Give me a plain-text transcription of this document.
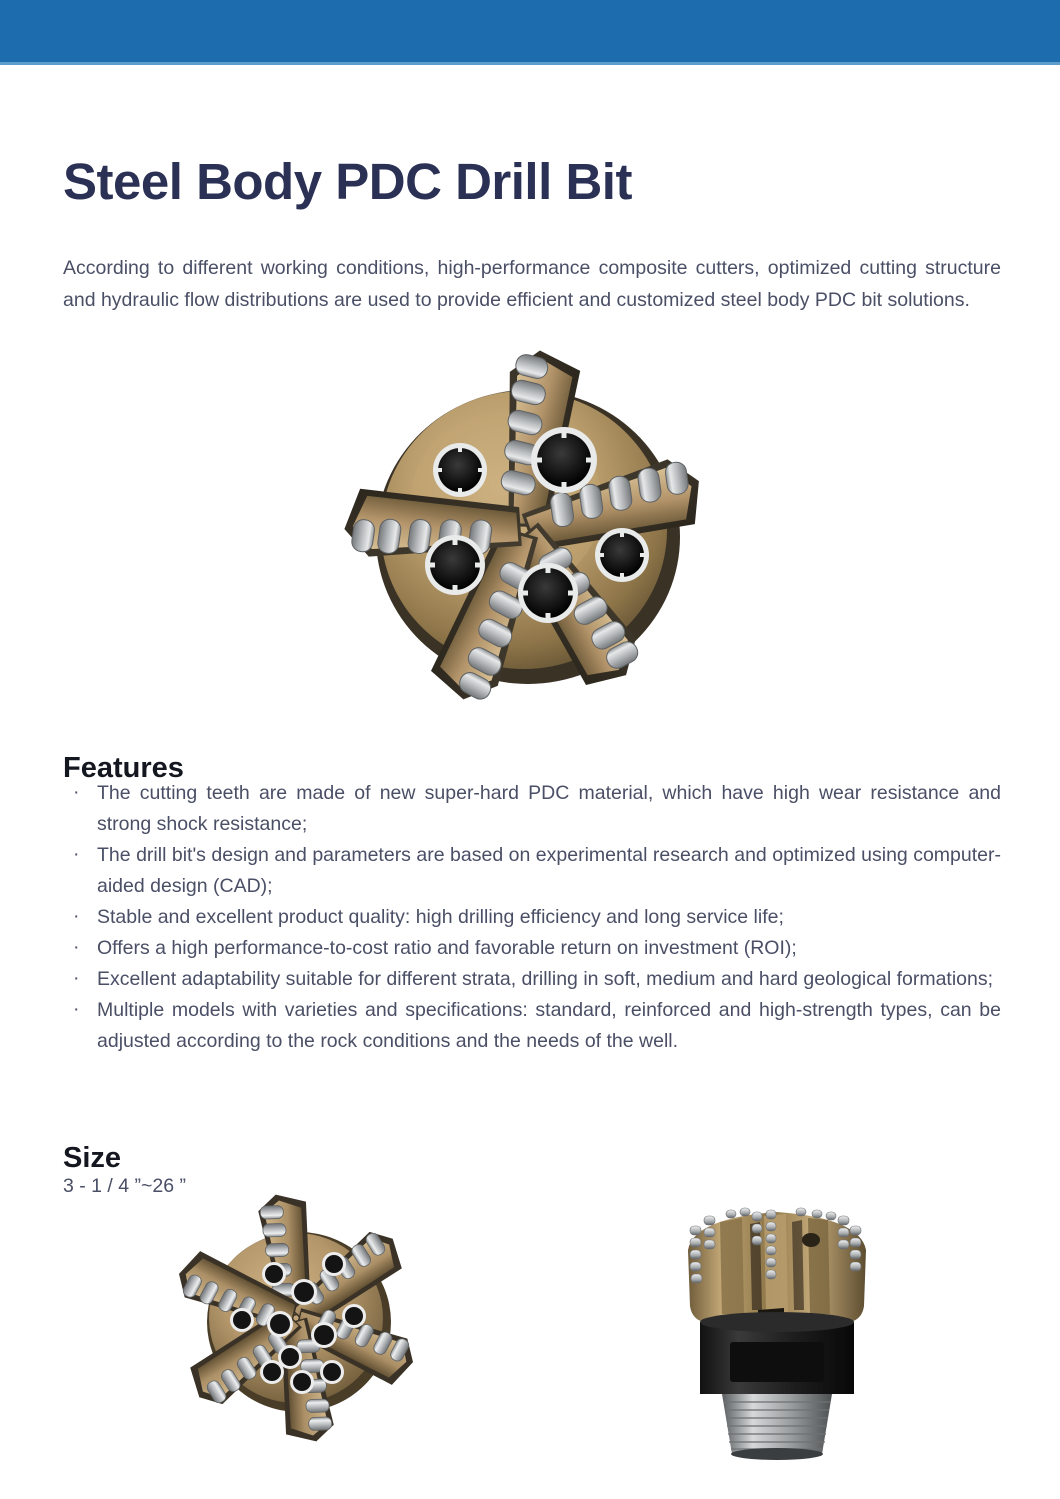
Steel Body PDC Drill Bit

According to different working conditions, high-performance composite cutters, optimized cutting structure and hydraulic flow distributions are used to provide efficient and customized steel body PDC bit solutions.

Features
· The cutting teeth are made of new super-hard PDC material, which have high wear resistance and strong shock resistance;
· The drill bit's design and parameters are based on experimental research and optimized using computer-aided design (CAD);
· Stable and excellent product quality: high drilling efficiency and long service life;
· Offers a high performance-to-cost ratio and favorable return on investment (ROI);
· Excellent adaptability suitable for different strata, drilling in soft, medium and hard geological formations;
· Multiple models with varieties and specifications: standard, reinforced and high-strength types, can be adjusted according to the rock conditions and the needs of the well.
Size
3 - 1 / 4 ”~26 ”
